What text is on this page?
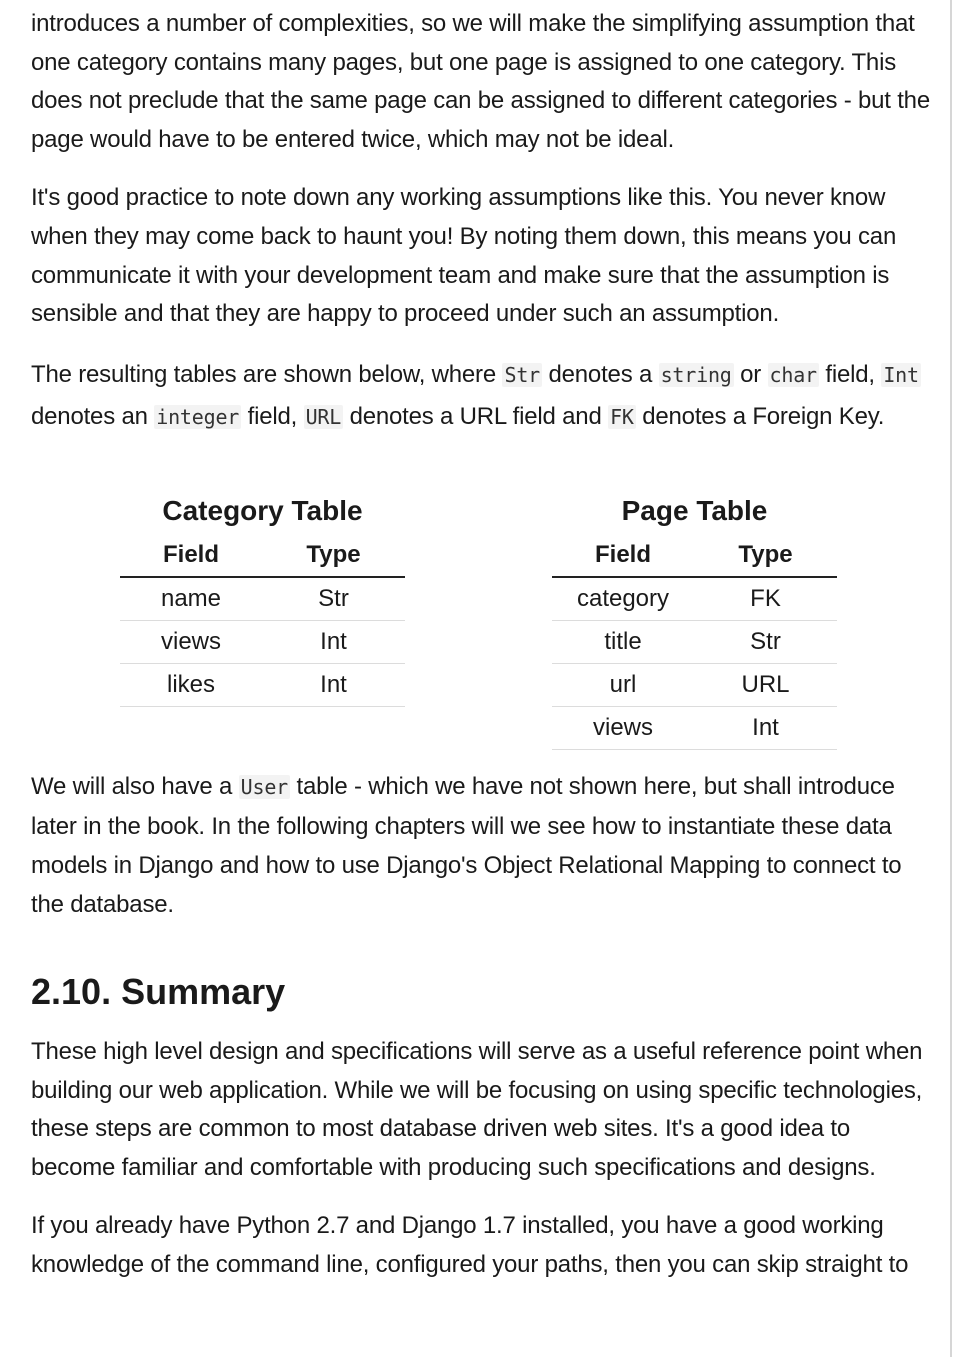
introduces a number of complexities, so we will make the simplifying assumption that one category contains many pages, but one page is assigned to one category. This does not preclude that the same page can be assigned to different categories - but the page would have to be entered twice, which may not be ideal.

It's good practice to note down any working assumptions like this. You never know when they may come back to haunt you! By noting them down, this means you can communicate it with your development team and make sure that the assumption is sensible and that they are happy to proceed under such an assumption.

The resulting tables are shown below, where Str denotes a string or char field, Int denotes an integer field, URL denotes a URL field and FK denotes a Foreign Key.

Category Table
Field	Type
name	Str
views	Int
likes	Int
Page Table
Field	Type
category	FK
title	Str
url	URL
views	Int

We will also have a User table - which we have not shown here, but shall introduce later in the book. In the following chapters will we see how to instantiate these data models in Django and how to use Django's Object Relational Mapping to connect to the database.

2.10. Summary

These high level design and specifications will serve as a useful reference point when building our web application. While we will be focusing on using specific technologies, these steps are common to most database driven web sites. It's a good idea to become familiar and comfortable with producing such specifications and designs.

If you already have Python 2.7 and Django 1.7 installed, you have a good working knowledge of the command line, configured your paths, then you can skip straight to
